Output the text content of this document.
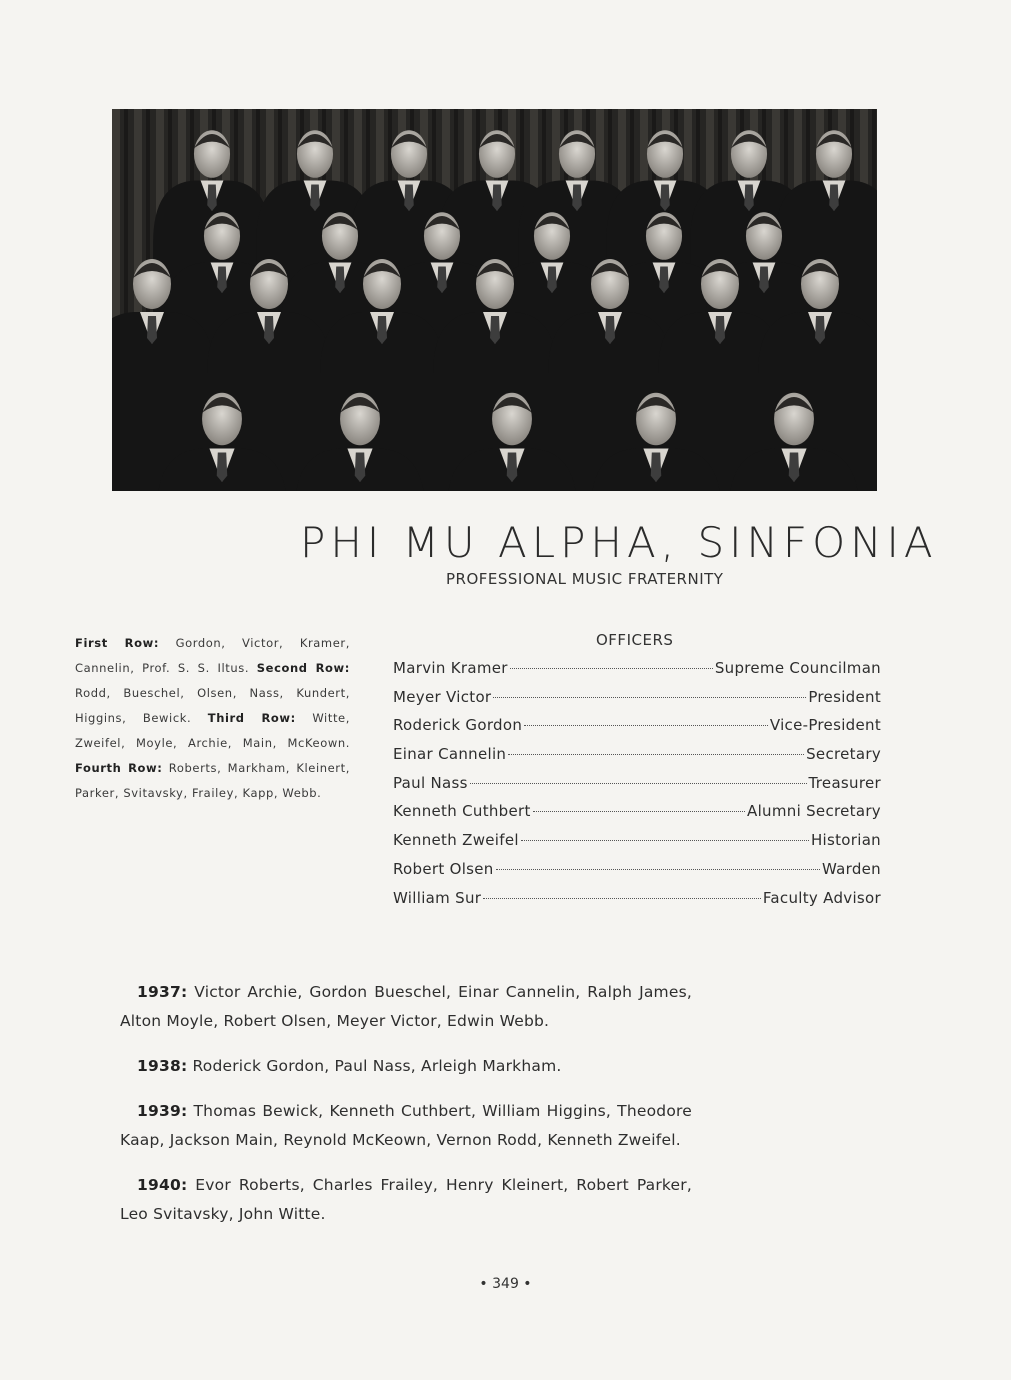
PHI MU ALPHA, SINFONIA
PROFESSIONAL MUSIC FRATERNITY
First Row: Gordon, Victor, Kramer, Cannelin, Prof. S. S. Iltus. Second Row: Rodd, Bueschel, Olsen, Nass, Kundert, Higgins, Bewick. Third Row: Witte, Zweifel, Moyle, Archie, Main, McKeown. Fourth Row: Roberts, Markham, Kleinert, Parker, Svitavsky, Frailey, Kapp, Webb.
OFFICERS
Marvin Kramer	Supreme Councilman
Meyer Victor	President
Roderick Gordon	Vice-President
Einar Cannelin	Secretary
Paul Nass	Treasurer
Kenneth Cuthbert	Alumni Secretary
Kenneth Zweifel	Historian
Robert Olsen	Warden
William Sur	Faculty Advisor

1937: Victor Archie, Gordon Bueschel, Einar Cannelin, Ralph James, Alton Moyle, Robert Olsen, Meyer Victor, Edwin Webb.

1938: Roderick Gordon, Paul Nass, Arleigh Markham.

1939: Thomas Bewick, Kenneth Cuthbert, William Higgins, Theodore Kaap, Jackson Main, Reynold McKeown, Vernon Rodd, Kenneth Zweifel.

1940: Evor Roberts, Charles Frailey, Henry Kleinert, Robert Parker, Leo Svitavsky, John Witte.

• 349 •
